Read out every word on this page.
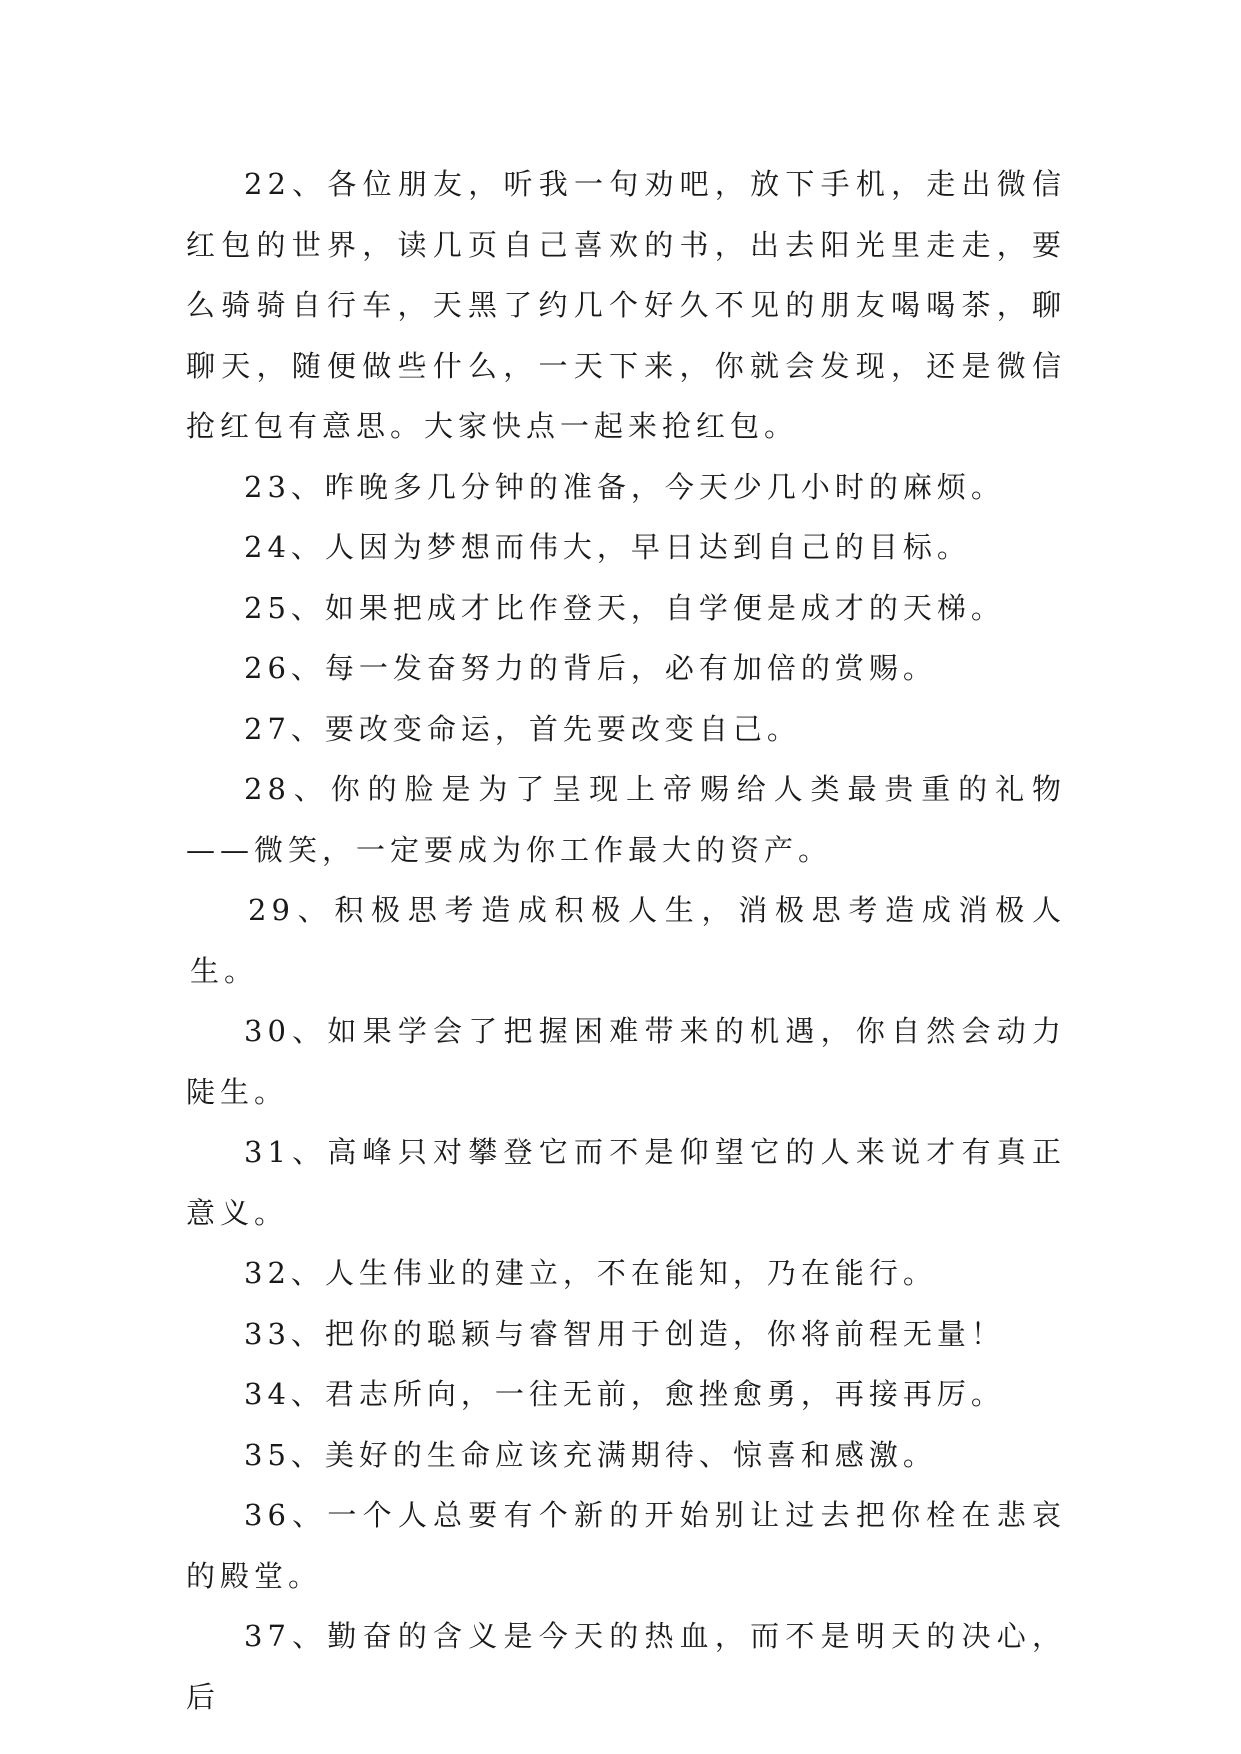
22、各位朋友，听我一句劝吧，放下手机，走出微信红包的世界，读几页自己喜欢的书，出去阳光里走走，要么骑骑自行车，天黑了约几个好久不见的朋友喝喝茶，聊聊天，随便做些什么，一天下来，你就会发现，还是微信抢红包有意思。大家快点一起来抢红包。

23、昨晚多几分钟的准备，今天少几小时的麻烦。

24、人因为梦想而伟大，早日达到自己的目标。

25、如果把成才比作登天，自学便是成才的天梯。

26、每一发奋努力的背后，必有加倍的赏赐。

27、要改变命运，首先要改变自己。

28、你的脸是为了呈现上帝赐给人类最贵重的礼物——微笑，一定要成为你工作最大的资产。

29、积极思考造成积极人生，消极思考造成消极人生。

30、如果学会了把握困难带来的机遇，你自然会动力陡生。

31、高峰只对攀登它而不是仰望它的人来说才有真正意义。

32、人生伟业的建立，不在能知，乃在能行。

33、把你的聪颖与睿智用于创造，你将前程无量！

34、君志所向，一往无前，愈挫愈勇，再接再厉。

35、美好的生命应该充满期待、惊喜和感激。

36、一个人总要有个新的开始别让过去把你栓在悲哀的殿堂。

37、勤奋的含义是今天的热血，而不是明天的决心，后
